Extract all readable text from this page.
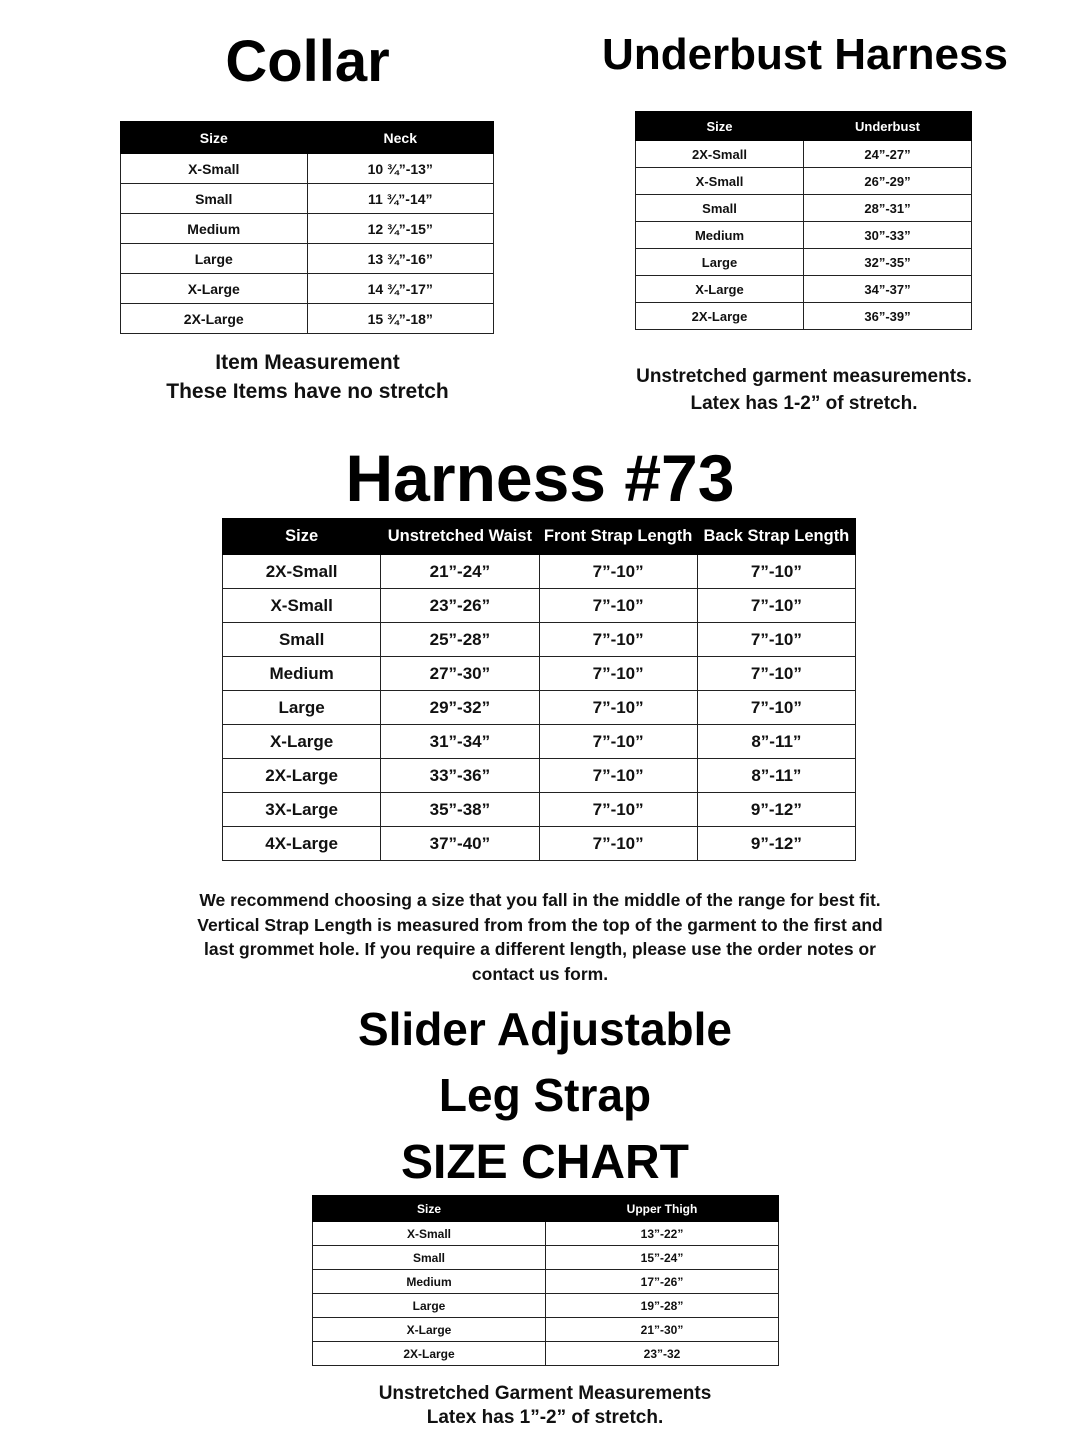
Collar
Size	Neck
X-Small	10 ¾”-13”
Small	11 ¾”-14”
Medium	12 ¾”-15”
Large	13 ¾”-16”
X-Large	14 ¾”-17”
2X-Large	15 ¾”-18”
Item Measurement
These Items have no stretch
Underbust Harness
Size	Underbust
2X-Small	24”-27”
X-Small	26”-29”
Small	28”-31”
Medium	30”-33”
Large	32”-35”
X-Large	34”-37”
2X-Large	36”-39”
Unstretched garment measurements.
Latex has 1-2” of stretch.
Harness #73
Size	Unstretched Waist	Front Strap Length	Back Strap Length
2X-Small	21”-24”	7”-10”	7”-10”
X-Small	23”-26”	7”-10”	7”-10”
Small	25”-28”	7”-10”	7”-10”
Medium	27”-30”	7”-10”	7”-10”
Large	29”-32”	7”-10”	7”-10”
X-Large	31”-34”	7”-10”	8”-11”
2X-Large	33”-36”	7”-10”	8”-11”
3X-Large	35”-38”	7”-10”	9”-12”
4X-Large	37”-40”	7”-10”	9”-12”
We recommend choosing a size that you fall in the middle of the range for best fit.
Vertical Strap Length is measured from from the top of the garment to the first and
last grommet hole. If you require a different length, please use the order notes or
contact us form.
Slider Adjustable
Leg Strap
SIZE CHART
Size	Upper Thigh
X-Small	13”-22”
Small	15”-24”
Medium	17”-26”
Large	19”-28”
X-Large	21”-30”
2X-Large	23”-32
Unstretched Garment Measurements
Latex has 1”-2” of stretch.
